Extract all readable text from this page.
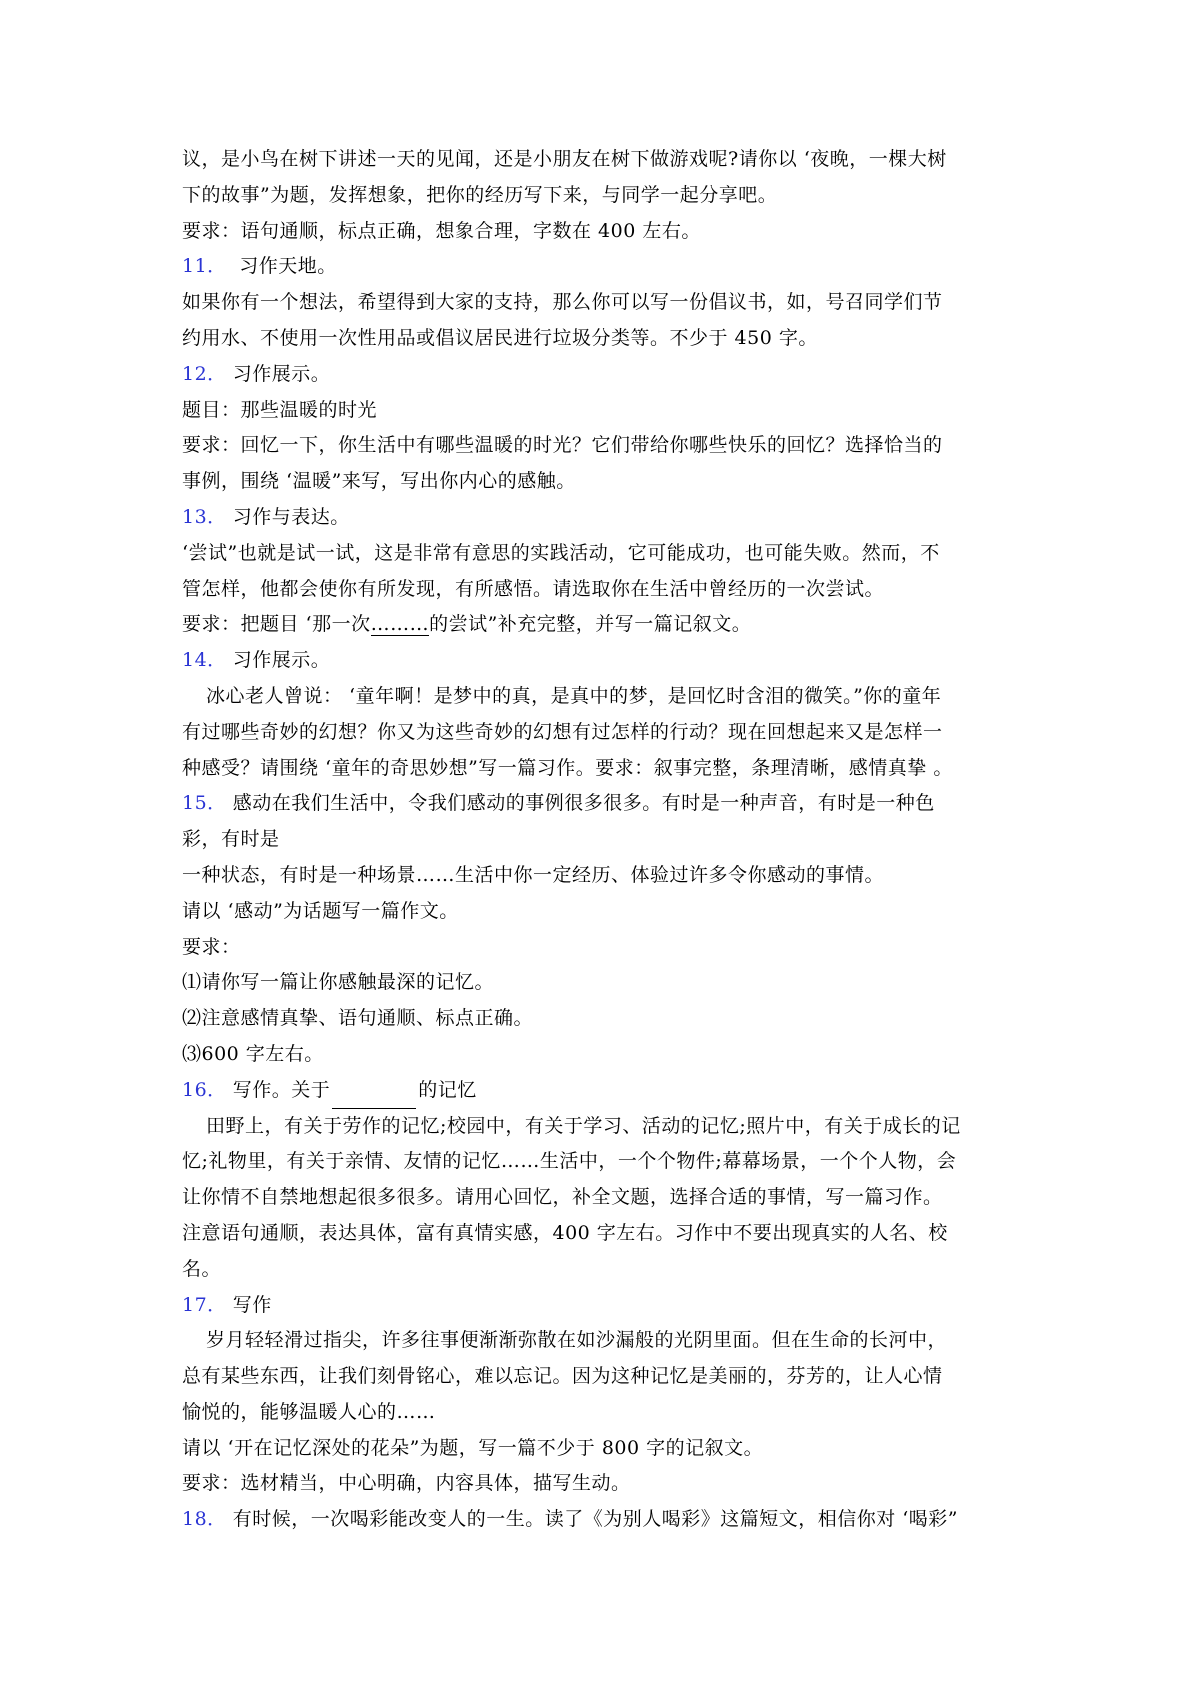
议，是小鸟在树下讲述一天的见闻，还是小朋友在树下做游戏呢?请你以 ‘夜晚，一棵大树
下的故事”为题，发挥想象，把你的经历写下来，与同学一起分享吧。
要求：语句通顺，标点正确，想象合理，字数在 400 左右。
11． 习作天地。
如果你有一个想法，希望得到大家的支持，那么你可以写一份倡议书，如，号召同学们节
约用水、不使用一次性用品或倡议居民进行垃圾分类等。不少于 450 字。
12． 习作展示。
题目：那些温暖的时光
要求：回忆一下，你生活中有哪些温暖的时光？它们带给你哪些快乐的回忆？选择恰当的
事例，围绕 ‘温暖”来写，写出你内心的感触。
13． 习作与表达。
‘尝试”也就是试一试，这是非常有意思的实践活动，它可能成功，也可能失败。然而，不
管怎样，他都会使你有所发现，有所感悟。请选取你在生活中曾经历的一次尝试。
要求：把题目 ‘那一次………的尝试”补充完整，并写一篇记叙文。
14． 习作展示。
冰心老人曾说： ‘童年啊！是梦中的真，是真中的梦，是回忆时含泪的微笑。”你的童年
有过哪些奇妙的幻想？你又为这些奇妙的幻想有过怎样的行动？现在回想起来又是怎样一
种感受？请围绕 ‘童年的奇思妙想”写一篇习作。要求：叙事完整，条理清晰，感情真挚 。
15． 感动在我们生活中，令我们感动的事例很多很多。有时是一种声音，有时是一种色
彩，有时是
一种状态，有时是一种场景……生活中你一定经历、体验过许多令你感动的事情。
请以 ‘感动”为话题写一篇作文。
要求：
⑴请你写一篇让你感触最深的记忆。
⑵注意感情真挚、语句通顺、标点正确。
⑶600 字左右。
16． 写作。关于	的记忆
田野上，有关于劳作的记忆;校园中，有关于学习、活动的记忆;照片中，有关于成长的记
忆;礼物里，有关于亲情、友情的记忆……生活中，一个个物件;幕幕场景，一个个人物，会
让你情不自禁地想起很多很多。请用心回忆，补全文题，选择合适的事情，写一篇习作。
注意语句通顺，表达具体，富有真情实感，400 字左右。习作中不要出现真实的人名、校
名。
17． 写作
岁月轻轻滑过指尖，许多往事便渐渐弥散在如沙漏般的光阴里面。但在生命的长河中，
总有某些东西，让我们刻骨铭心，难以忘记。因为这种记忆是美丽的，芬芳的，让人心情
愉悦的，能够温暖人心的……
请以 ‘开在记忆深处的花朵”为题，写一篇不少于 800 字的记叙文。
要求：选材精当，中心明确，内容具体，描写生动。
18． 有时候，一次喝彩能改变人的一生。读了《为别人喝彩》这篇短文，相信你对 ‘喝彩”
